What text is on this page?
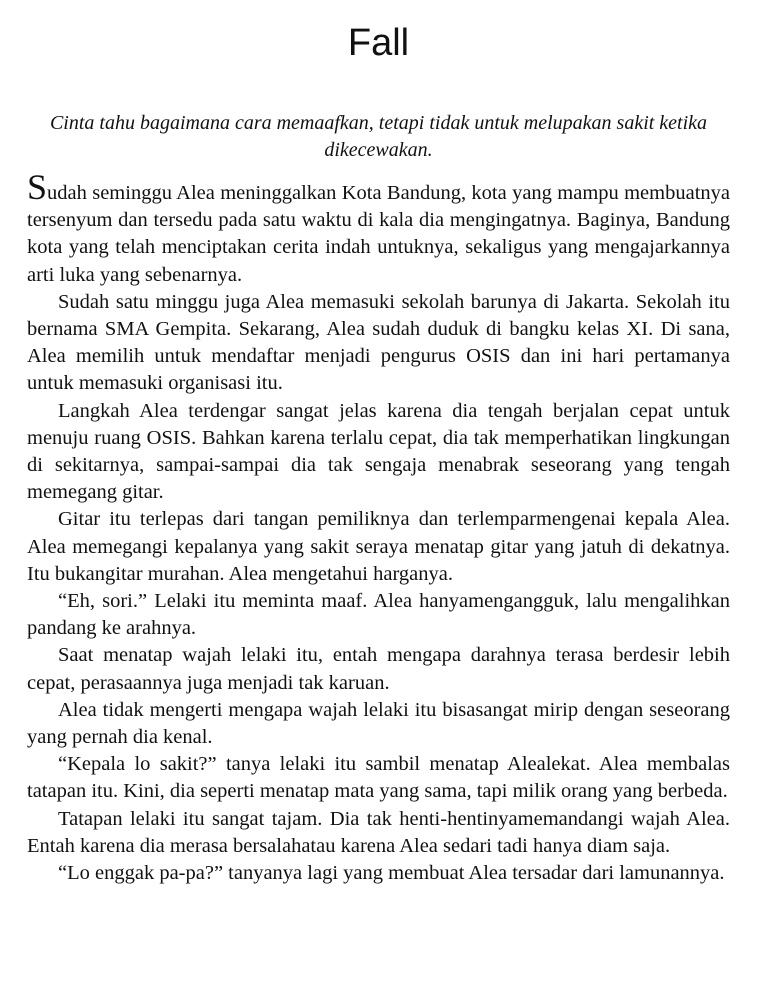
Fall

Cinta tahu bagaimana cara memaafkan, tetapi tidak untuk melupakan sakit ketika dikecewakan.

Sudah seminggu Alea meninggalkan Kota Bandung, kota yang mampu membuatnya tersenyum dan tersedu pada satu waktu di kala dia mengingatnya. Baginya, Bandung kota yang telah menciptakan cerita indah untuknya, sekaligus yang mengajarkannya arti luka yang sebenarnya.

Sudah satu minggu juga Alea memasuki sekolah barunya di Jakarta. Sekolah itu bernama SMA Gempita. Sekarang, Alea sudah duduk di bangku kelas XI. Di sana, Alea memilih untuk mendaftar menjadi pengurus OSIS dan ini hari pertamanya untuk memasuki organisasi itu.

Langkah Alea terdengar sangat jelas karena dia tengah berjalan cepat untuk menuju ruang OSIS. Bahkan karena terlalu cepat, dia tak memperhatikan lingkungan di sekitarnya, sampai-sampai dia tak sengaja menabrak seseorang yang tengah memegang gitar.

Gitar itu terlepas dari tangan pemiliknya dan terlemparmengenai kepala Alea. Alea memegangi kepalanya yang sakit seraya menatap gitar yang jatuh di dekatnya. Itu bukangitar murahan. Alea mengetahui harganya.

“Eh, sori.” Lelaki itu meminta maaf. Alea hanyamengangguk, lalu mengalihkan pandang ke arahnya.

Saat menatap wajah lelaki itu, entah mengapa darahnya terasa berdesir lebih cepat, perasaannya juga menjadi tak karuan.

Alea tidak mengerti mengapa wajah lelaki itu bisasangat mirip dengan seseorang yang pernah dia kenal.

“Kepala lo sakit?” tanya lelaki itu sambil menatap Alealekat. Alea membalas tatapan itu. Kini, dia seperti menatap mata yang sama, tapi milik orang yang berbeda.

Tatapan lelaki itu sangat tajam. Dia tak henti-hentinyamemandangi wajah Alea. Entah karena dia merasa bersalahatau karena Alea sedari tadi hanya diam saja.

“Lo enggak pa-pa?” tanyanya lagi yang membuat Alea tersadar dari lamunannya.
